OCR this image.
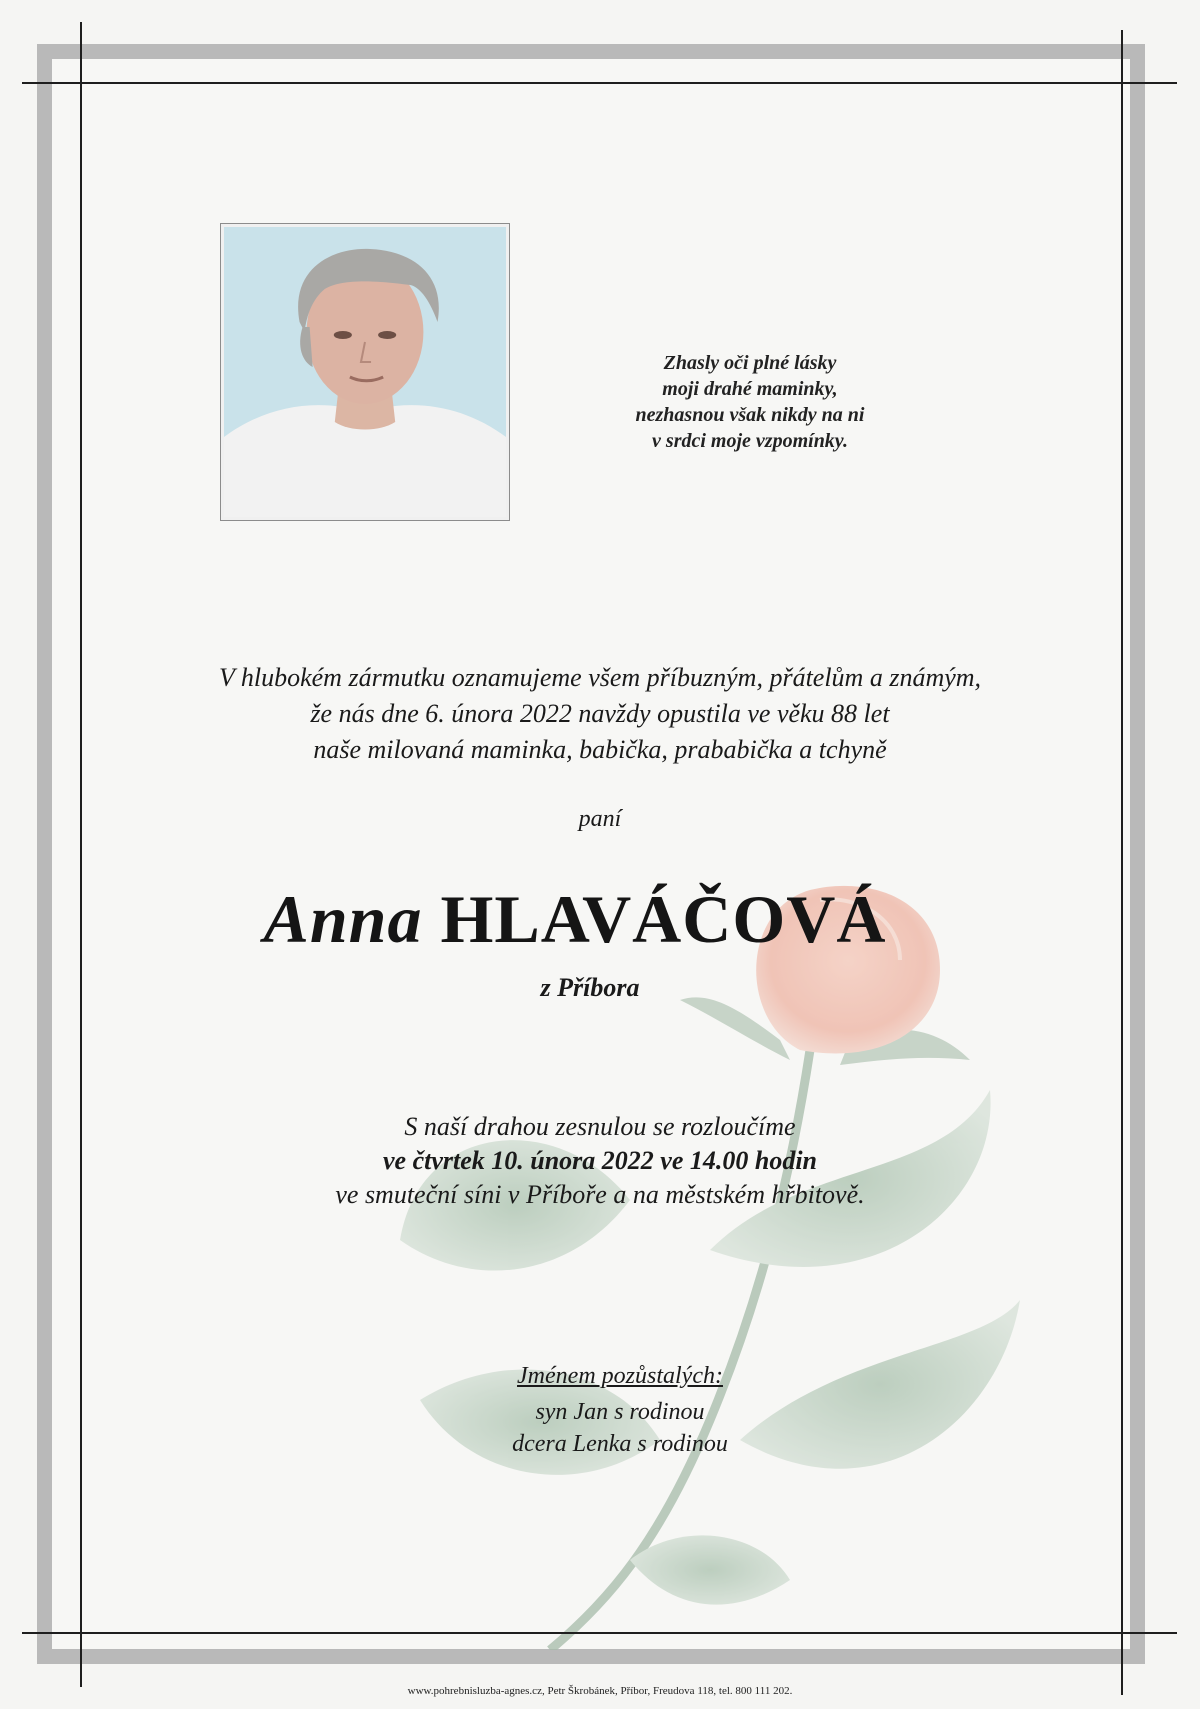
Zhasly oči plné lásky
moji drahé maminky,
nezhasnou však nikdy na ni
v srdci moje vzpomínky.
V hlubokém zármutku oznamujeme všem příbuzným, přátelům a známým,
že nás dne 6. února 2022 navždy opustila ve věku 88 let
naše milovaná maminka, babička, prababička a tchyně
paní
Anna HLAVÁČOVÁ
z Příbora
S naší drahou zesnulou se rozloučíme
ve čtvrtek 10. února 2022 ve 14.00 hodin
ve smuteční síni v Příboře a na městském hřbitově.
Jménem pozůstalých:
syn Jan s rodinou
dcera Lenka s rodinou
www.pohrebnisluzba-agnes.cz, Petr Škrobánek, Příbor, Freudova 118, tel. 800 111 202.
